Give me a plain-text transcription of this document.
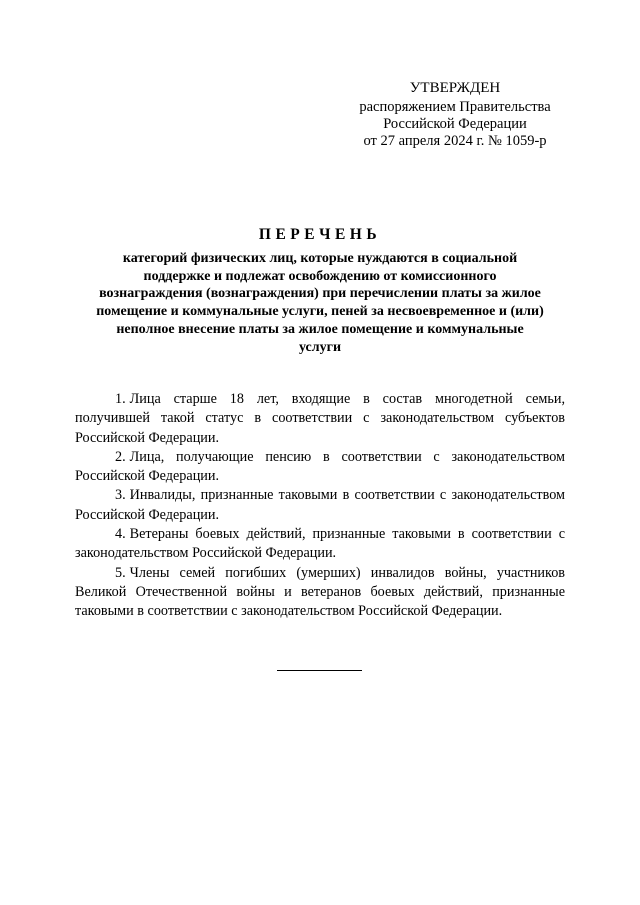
УТВЕРЖДЕН
распоряжением Правительства
Российской Федерации
от 27 апреля 2024 г. № 1059-р
ПЕРЕЧЕНЬ
категорий физических лиц, которые нуждаются в социальной
поддержке и подлежат освобождению от комиссионного
вознаграждения (вознаграждения) при перечислении платы за жилое
помещение и коммунальные услуги, пеней за несвоевременное и (или)
неполное внесение платы за жилое помещение и коммунальные
услуги

1. Лица старше 18 лет, входящие в состав многодетной семьи, получившей такой статус в соответствии с законодательством субъектов Российской Федерации.

2. Лица, получающие пенсию в соответствии с законодательством Российской Федерации.

3. Инвалиды, признанные таковыми в соответствии с законодательством Российской Федерации.

4. Ветераны боевых действий, признанные таковыми в соответствии с законодательством Российской Федерации.

5. Члены семей погибших (умерших) инвалидов войны, участников Великой Отечественной войны и ветеранов боевых действий, признанные таковыми в соответствии с законодательством Российской Федерации.
